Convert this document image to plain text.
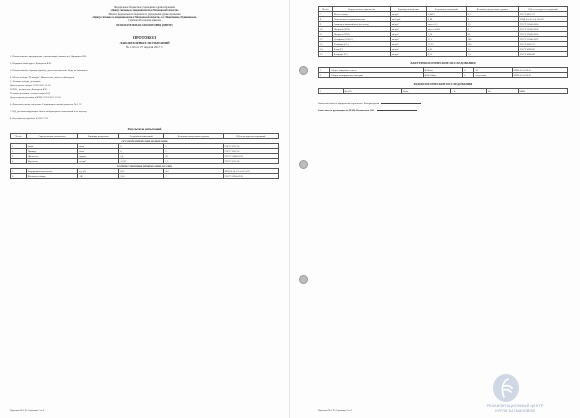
Федеральное бюджетное учреждение здравоохранения
«Центр гигиены и эпидемиологии в Московской области»
Филиал федерального бюджетного учреждения здравоохранения
«Центр гигиены и эпидемиологии в Московской области» в г. Ивантеевке, Пушкинском,
Сергиево-Посадском районах
ИСПЫТАТЕЛЬНАЯ ЛАБОРАТОРИЯ (ЦЕНТР)
ПРОТОКОЛ
ЛАБОРАТОРНЫХ ИСПЫТАНИЙ
№ 1.93 от 27 апреля 2017 г.
1. Наименование предприятия, организации (заявитель): Дмитриев К.К.
2. Юридический адрес: Дмитриев К.К.
3. Наименование образца (пробы), дата изготовления: Вода из скважины
4. Место отбора: "Площадь" Ивантеевка, абонент Дмитриев
5. Условия отбора, доставки:
Дата и время отбора: 23.01.2017 11:50
Ф.И.О., должность: Дмитриев К.К.
Условия доставки: соответствуют НД
Дата и время доставки в ИЛЦ: 23.01.2017 12:50
6. Дополнительные сведения: Сопроводительный документ № 1.72
7. НД, регламентирующие объем лабораторных испытаний и их оценку:
8. Код образца (пробы): 05.06.17.93
Результаты испытаний
№ п/п	Определяемые показатели	Единицы измерения	Результаты испытаний	Величина допустимого уровня	НД на методы исследований
ОРГАНОЛЕПТИЧЕСКИЕ ИСПЫТАНИЯ					
1	Запах	балл	0	2	ГОСТ 3351-74
2	Привкус	балл	0	2	ГОСТ 3351-74
3	Цветность	градус	5,0	20	ГОСТ 31868-2012
4	Мутность	мг/дм³	<0,58	1,5	ГОСТ 3351-74
КОЛИЧЕСТВЕННЫЙ ХИМИЧЕСКИЙ АНАЛИЗ					
5	Водородный показатель	ед. pH	8,12	6-9	ПНД Ф 14.1:2:3:4.121-97
6	Жёсткость общая	°Ж	5,10	7	ГОСТ 31954-2012
Протокол № 1.93 Страница 1 из 2
№ п/п	Определяемые показатели	Единицы измерения	Результаты испытаний	Величина допустимого уровня	НД на методы исследований
7	Железо общее	мг/дм³	0,0415	0,3	ГОСТ 4011-72
8	Окисляемость перманганатная	мгО/дм³	2,48	5	ПНД Ф 14.1:2:4.154-99
9	Аммиак и аммоний-ион (по азоту)	мг/дм³	менее 0,1	1,5	ГОСТ 33045-2014
10	Нитриты (NO2)	мг/дм³	менее 0,003	3	ГОСТ 33045-2014
11	Нитраты (NO3)	мг/дм³	1,58	45	ГОСТ 33045-2014
12	Сульфаты (SO4 2-)	мг/дм³	17,5	500	ГОСТ 31940-2012
13	Хлориды (Cl-)	мг/дм³	12,35	350	ГОСТ 4245-72
14	Фтор (F)	мг/дм³	0,45	1,5	ГОСТ 4386-89
15	Фториды (F-)	мг/дм³	0,26	1,5	ГОСТ 4386-89
БАКТЕРИОЛОГИЧЕСКИЕ ИССЛЕДОВАНИЯ
1	Общее микробное число	КОЕ/мл	0	50	МУК 4.2.1018-01
2	Общие колиформные бактерии	КОЕ/100мл	0	отсутствие	МУК 4.2.1018-01
РАДИОЛОГИЧЕСКИЕ ИССЛЕДОВАНИЯ
1	Ra-222	Бк/кг	< 4	60	МВИ
Ответственный за оформление протокола: Лабораторный
Заместитель руководителя ИЛЦ: Пилипенко О.В.
Протокол № 1.93 Страница 2 из 2
РЕАБИЛИТАЦИОННЫЙ ЦЕНТР
НУРЛИ БАГМАНОВОЙ
